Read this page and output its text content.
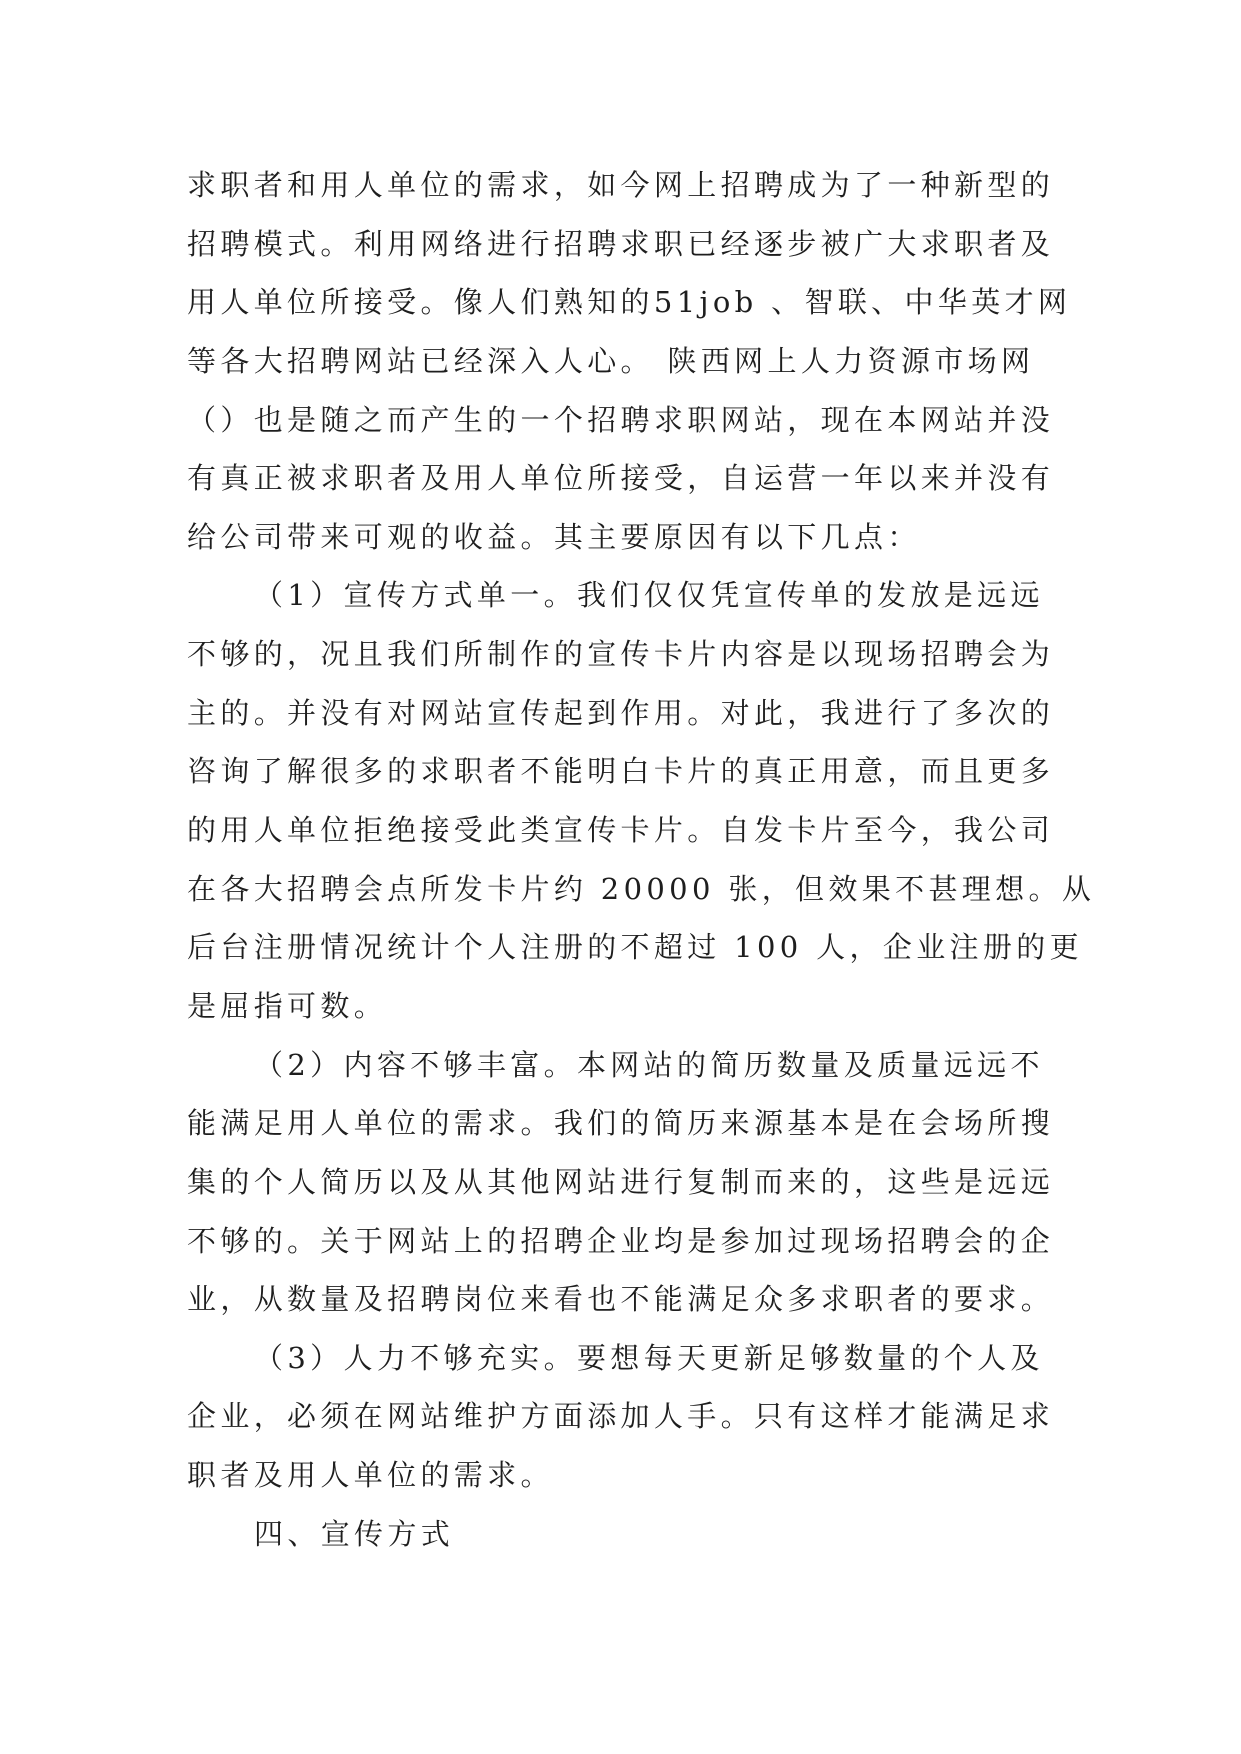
求职者和用人单位的需求，如今网上招聘成为了一种新型的
招聘模式。利用网络进行招聘求职已经逐步被广大求职者及
用人单位所接受。像人们熟知的51job 、智联、中华英才网
等各大招聘网站已经深入人心。 陕西网上人力资源市场网
（）也是随之而产生的一个招聘求职网站，现在本网站并没
有真正被求职者及用人单位所接受，自运营一年以来并没有
给公司带来可观的收益。其主要原因有以下几点：
（1）宣传方式单一。我们仅仅凭宣传单的发放是远远
不够的，况且我们所制作的宣传卡片内容是以现场招聘会为
主的。并没有对网站宣传起到作用。对此，我进行了多次的
咨询了解很多的求职者不能明白卡片的真正用意，而且更多
的用人单位拒绝接受此类宣传卡片。自发卡片至今，我公司
在各大招聘会点所发卡片约 20000 张，但效果不甚理想。从
后台注册情况统计个人注册的不超过 100 人，企业注册的更
是屈指可数。
（2）内容不够丰富。本网站的简历数量及质量远远不
能满足用人单位的需求。我们的简历来源基本是在会场所搜
集的个人简历以及从其他网站进行复制而来的，这些是远远
不够的。关于网站上的招聘企业均是参加过现场招聘会的企
业，从数量及招聘岗位来看也不能满足众多求职者的要求。
（3）人力不够充实。要想每天更新足够数量的个人及
企业，必须在网站维护方面添加人手。只有这样才能满足求
职者及用人单位的需求。
四、宣传方式
